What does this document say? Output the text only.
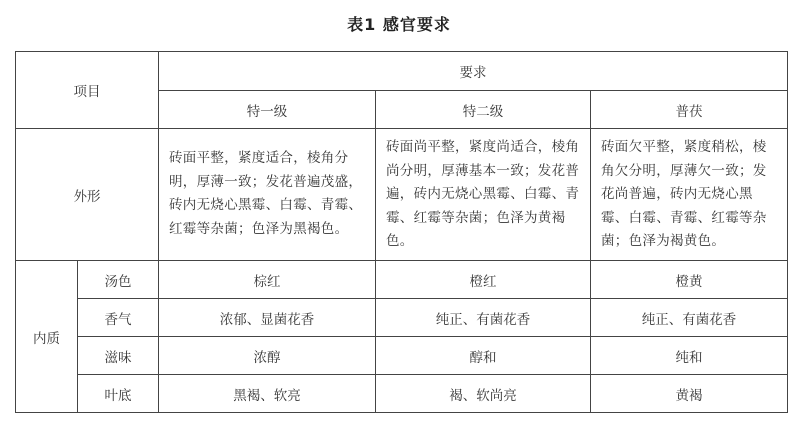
表1 感官要求
项目		要求		
		特一级	特二级	普茯
外形		砖面平整，紧度适合，棱角分明，厚薄一致；发花普遍茂盛，砖内无烧心黑霉、白霉、青霉、红霉等杂菌；色泽为黑褐色。	砖面尚平整，紧度尚适合，棱角尚分明，厚薄基本一致；发花普遍，砖内无烧心黑霉、白霉、青霉、红霉等杂菌；色泽为黄褐色。	砖面欠平整，紧度稍松，棱角欠分明，厚薄欠一致；发花尚普遍，砖内无烧心黑霉、白霉、青霉、红霉等杂菌；色泽为褐黄色。
内质	汤色	棕红	橙红	橙黄
	香气	浓郁、显菌花香	纯正、有菌花香	纯正、有菌花香
	滋味	浓醇	醇和	纯和
	叶底	黑褐、软亮	褐、软尚亮	黄褐
